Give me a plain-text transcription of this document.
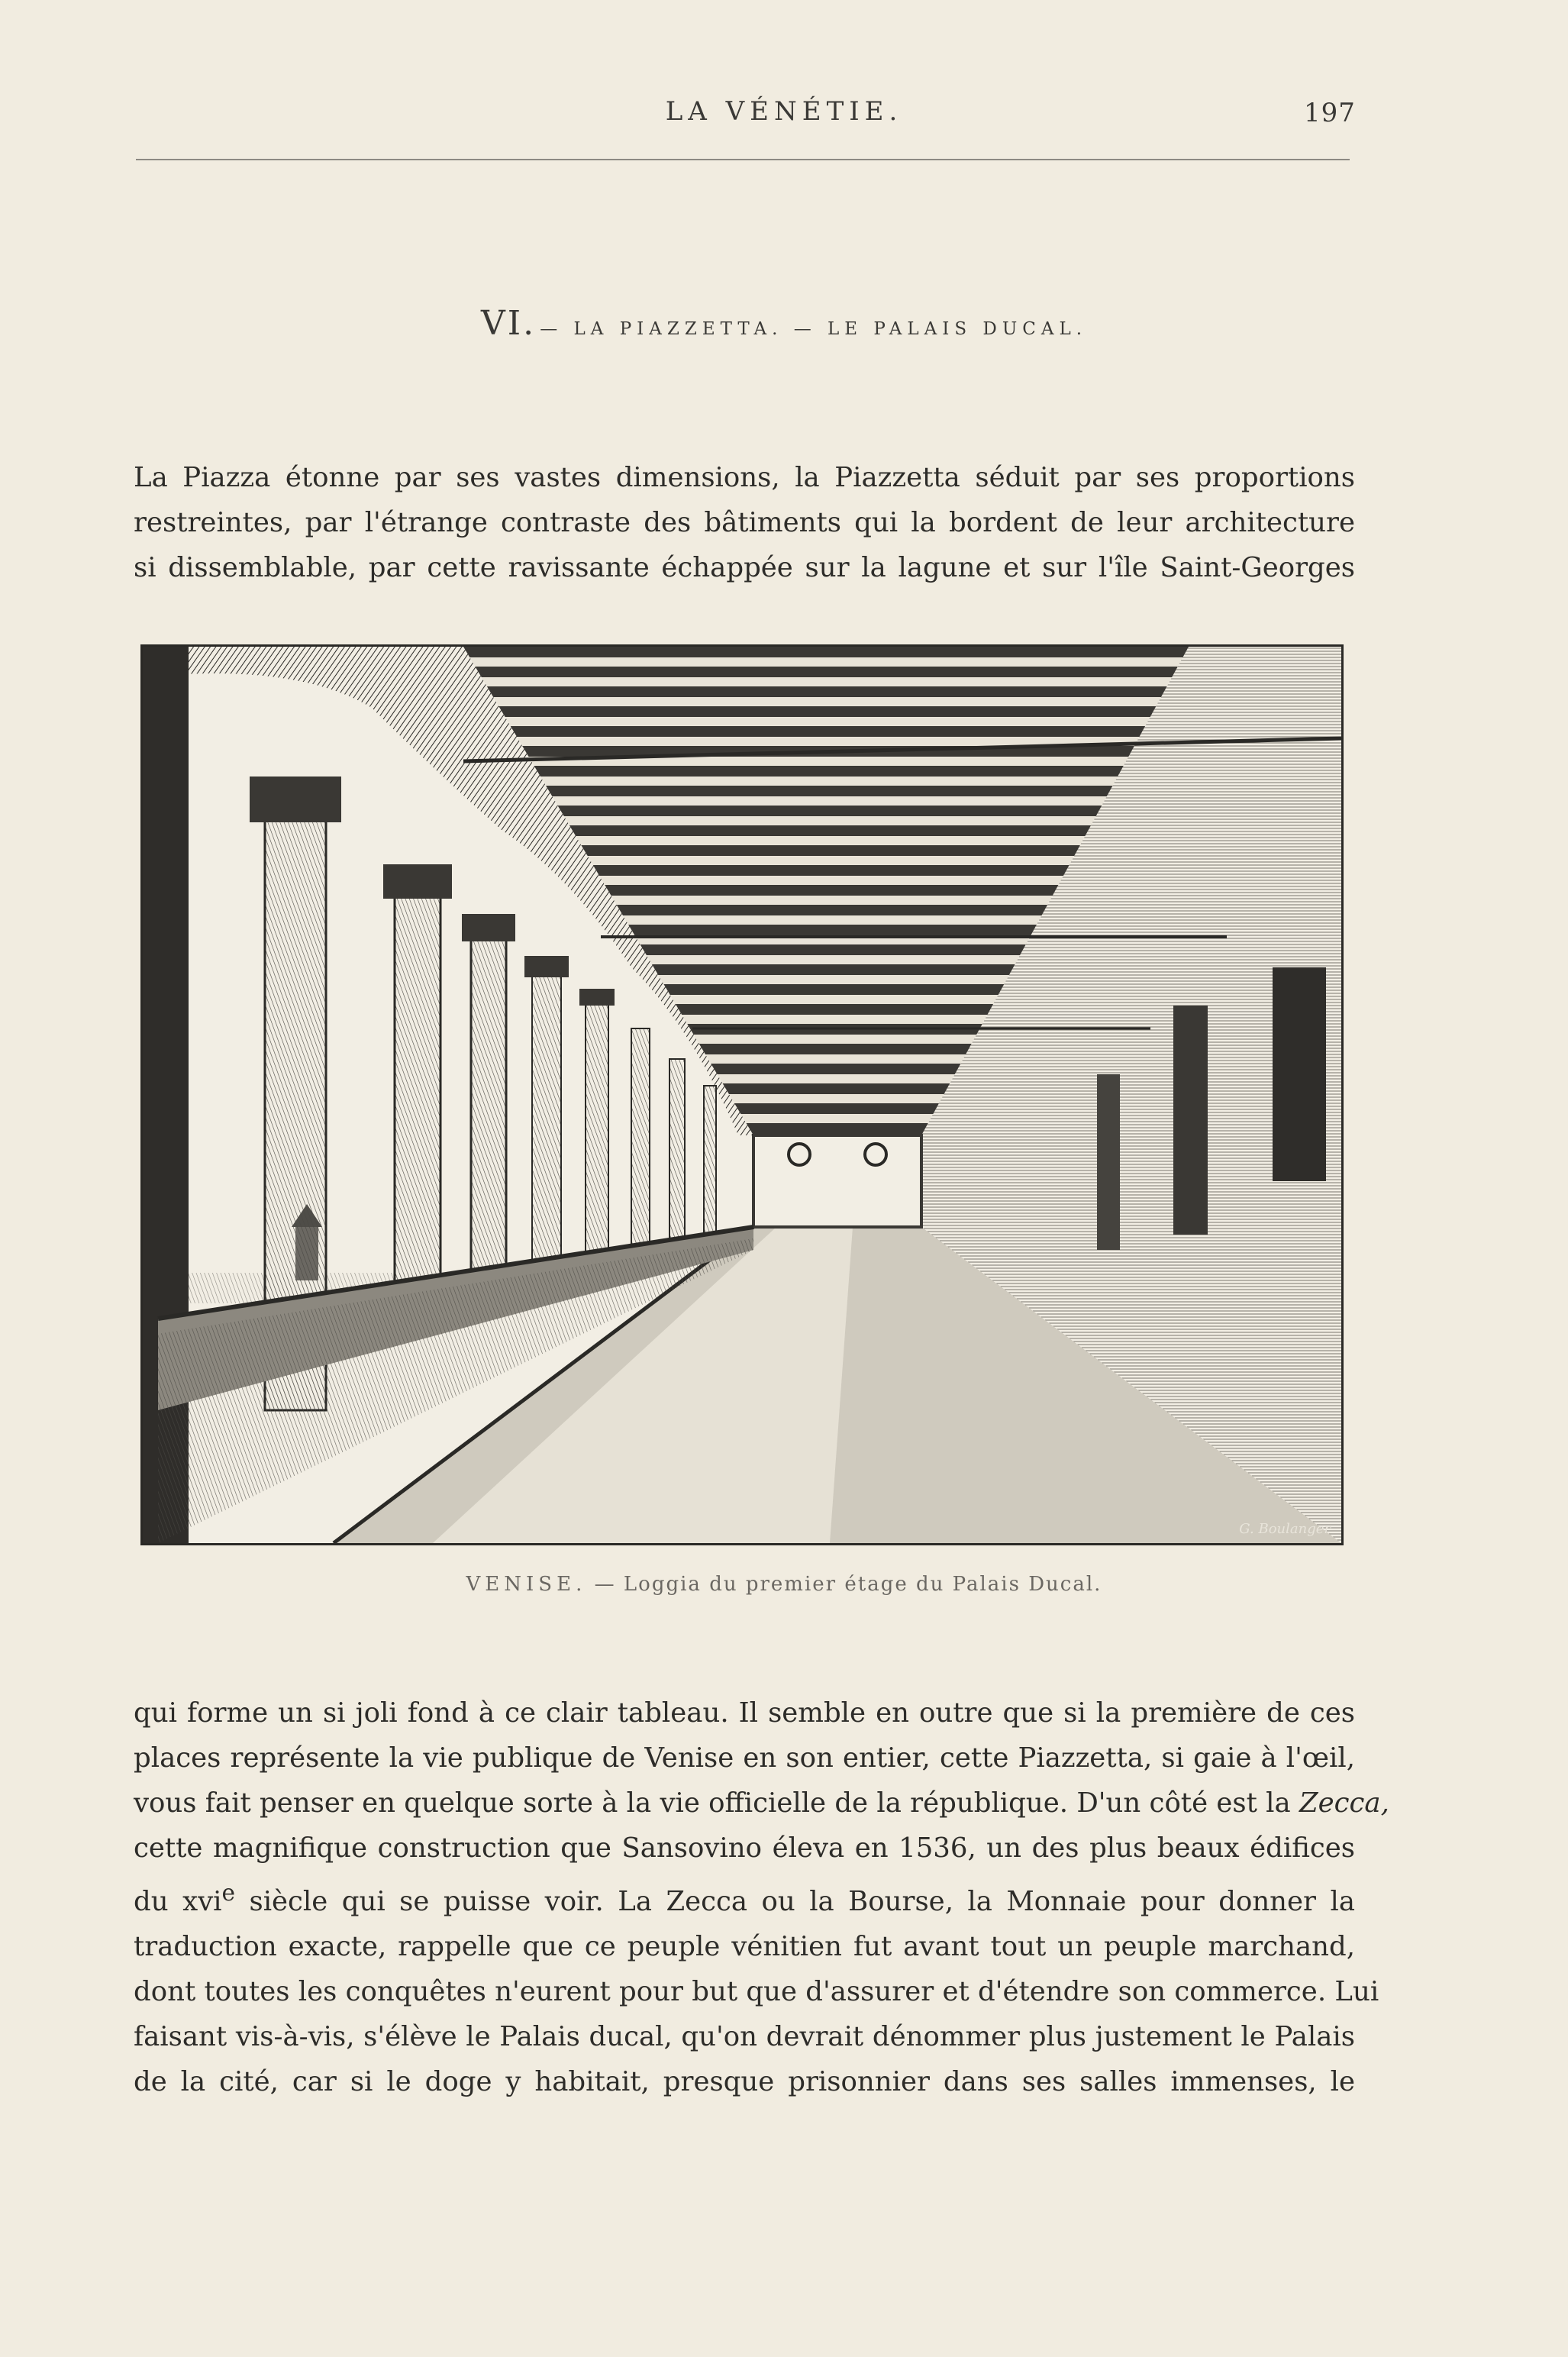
LA VÉNÉTIE.	197
VI. — LA PIAZZETTA. — LE PALAIS DUCAL.

La Piazza étonne par ses vastes dimensions, la Piazzetta séduit par ses proportions
restreintes, par l'étrange contraste des bâtiments qui la bordent de leur architecture
si dissemblable, par cette ravissante échappée sur la lagune et sur l'île Saint-Georges

G. Boulanger
VENISE. — Loggia du premier étage du Palais Ducal.

qui forme un si joli fond à ce clair tableau. Il semble en outre que si la première de ces
places représente la vie publique de Venise en son entier, cette Piazzetta, si gaie à l'œil,
vous fait penser en quelque sorte à la vie officielle de la république. D'un côté est la Zecca,
cette magnifique construction que Sansovino éleva en 1536, un des plus beaux édifices
du xvi$^e$ siècle qui se puisse voir. La Zecca ou la Bourse, la Monnaie pour donner la
traduction exacte, rappelle que ce peuple vénitien fut avant tout un peuple marchand,
dont toutes les conquêtes n'eurent pour but que d'assurer et d'étendre son commerce. Lui
faisant vis-à-vis, s'élève le Palais ducal, qu'on devrait dénommer plus justement le Palais
de la cité, car si le doge y habitait, presque prisonnier dans ses salles immenses, le
